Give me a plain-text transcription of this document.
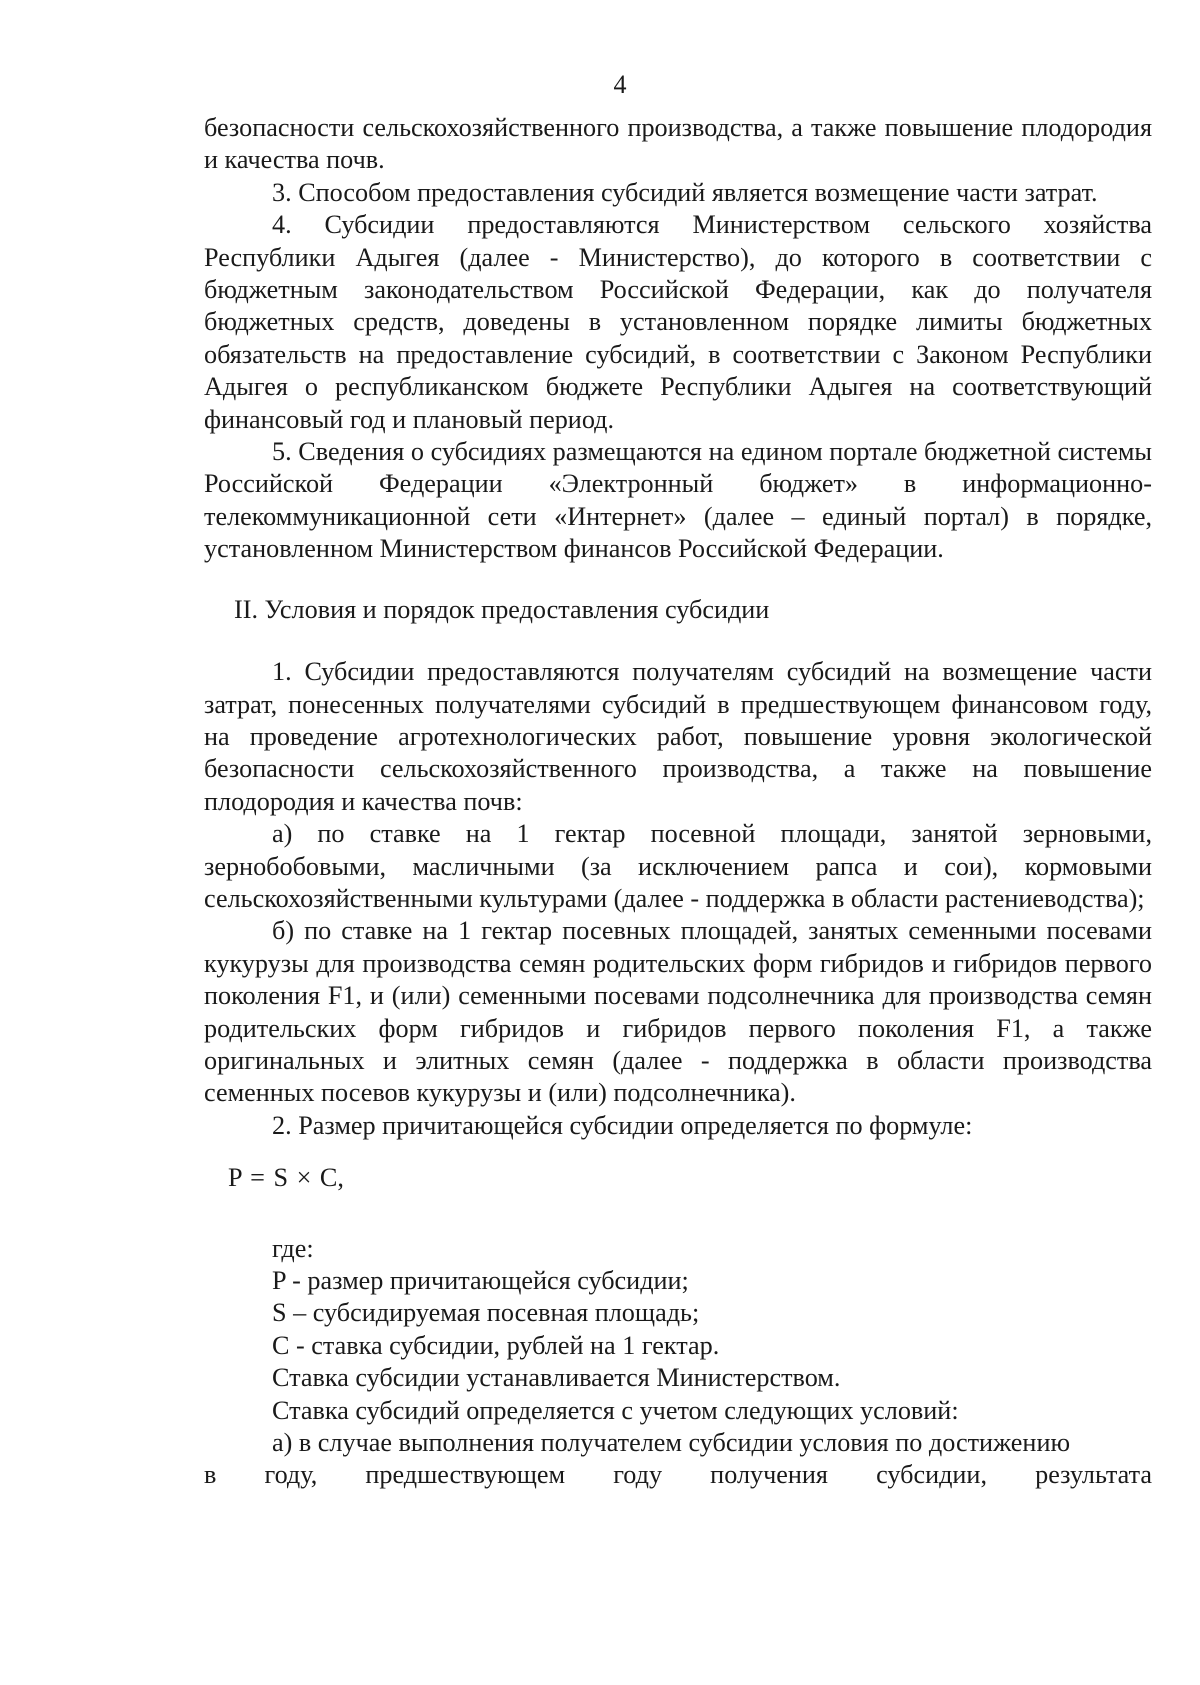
4

безопасности сельскохозяйственного производства, а также повышение плодородия и качества почв.

3. Способом предоставления субсидий является возмещение части затрат.

4. Субсидии предоставляются Министерством сельского хозяйства Республики Адыгея (далее - Министерство), до которого в соответствии с бюджетным законодательством Российской Федерации, как до получателя бюджетных средств, доведены в установленном порядке лимиты бюджетных обязательств на предоставление субсидий, в соответствии с Законом Республики Адыгея о республиканском бюджете Республики Адыгея на соответствующий финансовый год и плановый период.

5. Сведения о субсидиях размещаются на едином портале бюджетной системы Российской Федерации «Электронный бюджет» в информационно-телекоммуникационной сети «Интернет» (далее – единый портал) в порядке, установленном Министерством финансов Российской Федерации.

II. Условия и порядок предоставления субсидии

1. Субсидии предоставляются получателям субсидий на возмещение части затрат, понесенных получателями субсидий в предшествующем финансовом году, на проведение агротехнологических работ, повышение уровня экологической безопасности сельскохозяйственного производства, а также на повышение плодородия и качества почв:

а) по ставке на 1 гектар посевной площади, занятой зерновыми, зернобобовыми, масличными (за исключением рапса и сои), кормовыми сельскохозяйственными культурами (далее - поддержка в области растениеводства);

б) по ставке на 1 гектар посевных площадей, занятых семенными посевами кукурузы для производства семян родительских форм гибридов и гибридов первого поколения F1, и (или) семенными посевами подсолнечника для производства семян родительских форм гибридов и гибридов первого поколения F1, а также оригинальных и элитных семян (далее - поддержка в области производства семенных посевов кукурузы и (или) подсолнечника).

2. Размер причитающейся субсидии определяется по формуле:

P = S × C,

где:

P - размер причитающейся субсидии;

S – субсидируемая посевная площадь;

C - ставка субсидии, рублей на 1 гектар.

Ставка субсидии устанавливается Министерством.

Ставка субсидий определяется с учетом следующих условий:

а) в случае выполнения получателем субсидии условия по достижению

в году, предшествующем году получения субсидии, результата
